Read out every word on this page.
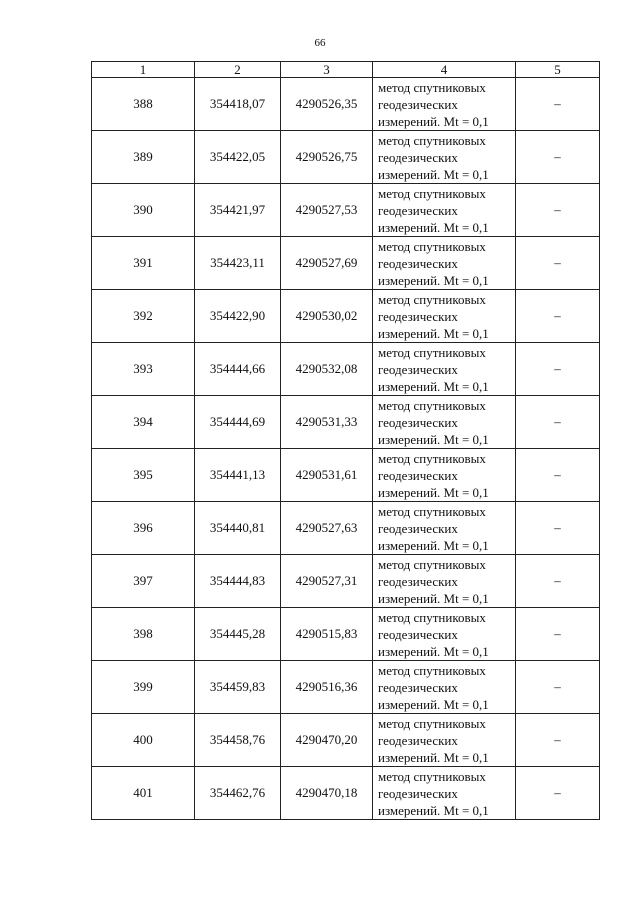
66
1	2	3	4	5
388	354418,07	4290526,35	метод спутниковых геодезических измерений. Mt = 0,1	–
389	354422,05	4290526,75	метод спутниковых геодезических измерений. Mt = 0,1	–
390	354421,97	4290527,53	метод спутниковых геодезических измерений. Mt = 0,1	–
391	354423,11	4290527,69	метод спутниковых геодезических измерений. Mt = 0,1	–
392	354422,90	4290530,02	метод спутниковых геодезических измерений. Mt = 0,1	–
393	354444,66	4290532,08	метод спутниковых геодезических измерений. Mt = 0,1	–
394	354444,69	4290531,33	метод спутниковых геодезических измерений. Mt = 0,1	–
395	354441,13	4290531,61	метод спутниковых геодезических измерений. Mt = 0,1	–
396	354440,81	4290527,63	метод спутниковых геодезических измерений. Mt = 0,1	–
397	354444,83	4290527,31	метод спутниковых геодезических измерений. Mt = 0,1	–
398	354445,28	4290515,83	метод спутниковых геодезических измерений. Mt = 0,1	–
399	354459,83	4290516,36	метод спутниковых геодезических измерений. Mt = 0,1	–
400	354458,76	4290470,20	метод спутниковых геодезических измерений. Mt = 0,1	–
401	354462,76	4290470,18	метод спутниковых геодезических измерений. Mt = 0,1	–
